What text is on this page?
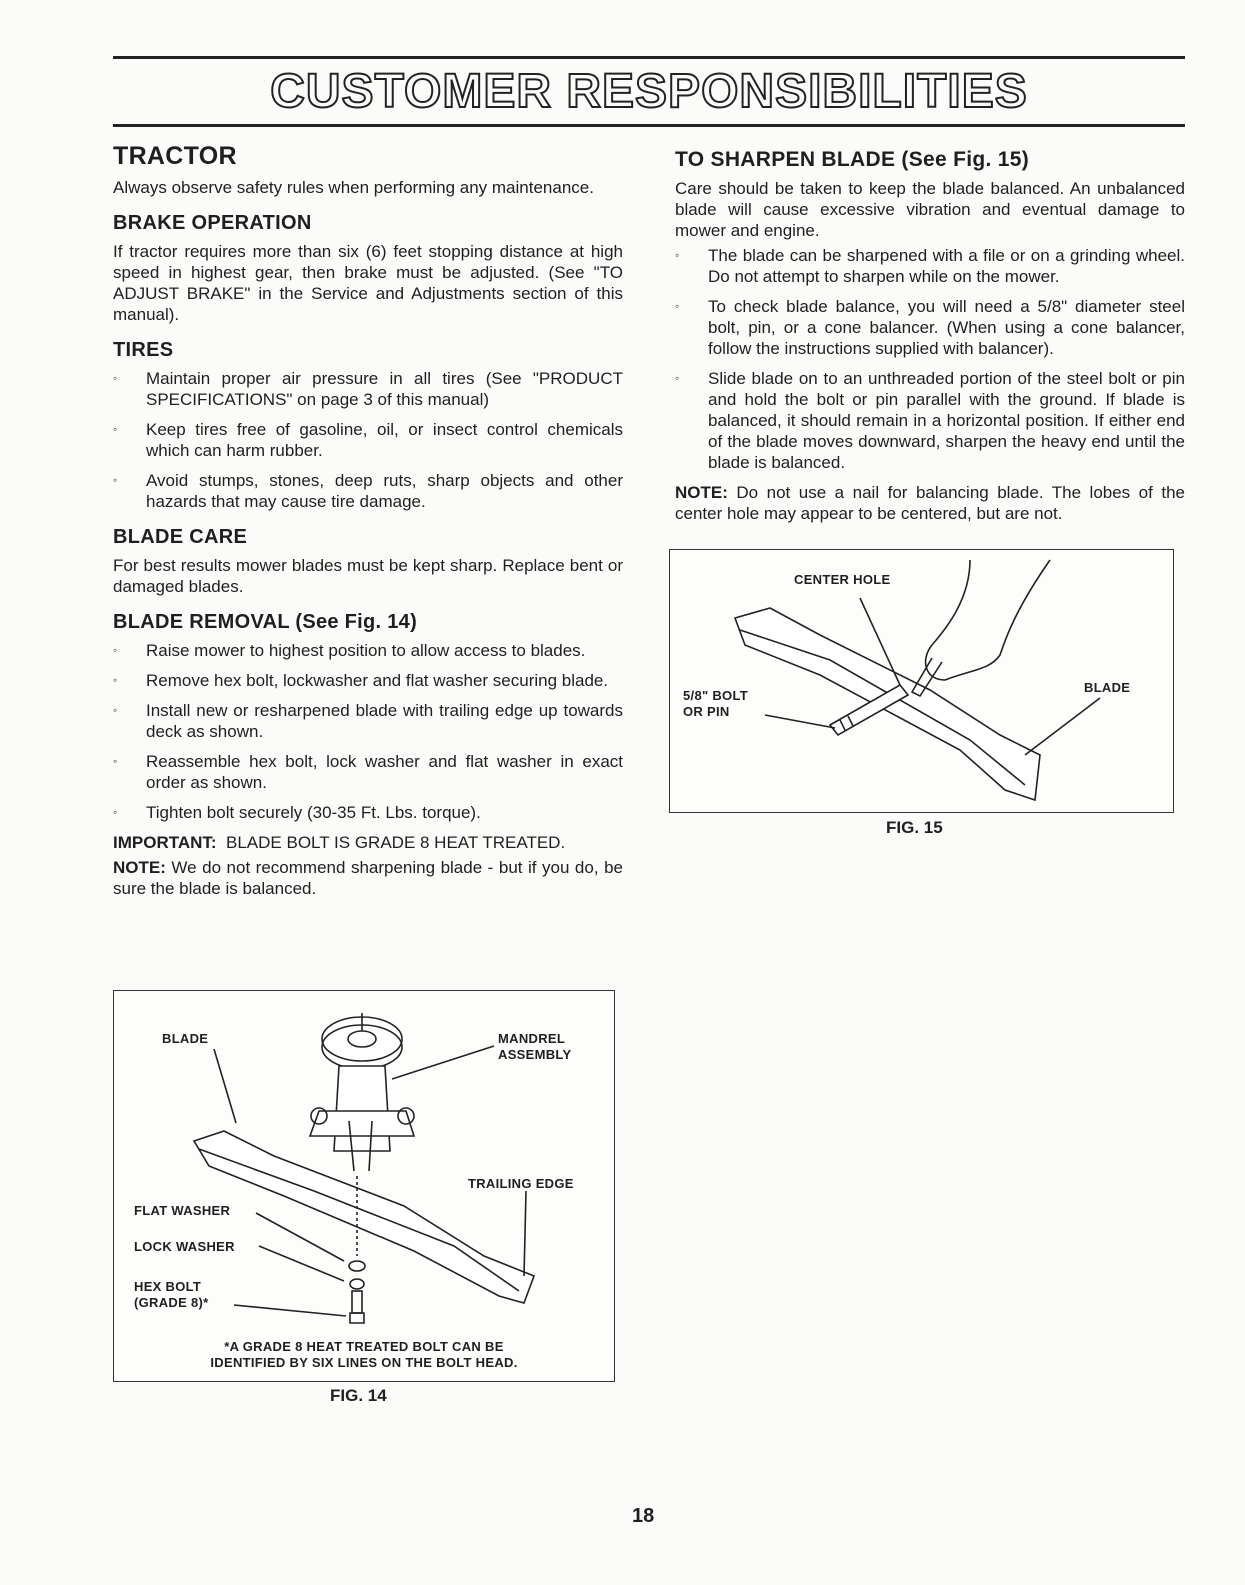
CUSTOMER RESPONSIBILITIES
TRACTOR

Always observe safety rules when performing any maintenance.

BRAKE OPERATION

If tractor requires more than six (6) feet stopping distance at high speed in highest gear, then brake must be adjusted. (See "TO ADJUST BRAKE" in the Service and Adjustments section of this manual).

TIRES
◦ Maintain proper air pressure in all tires (See "PRODUCT SPECIFICATIONS" on page 3 of this manual)
◦ Keep tires free of gasoline, oil, or insect control chemicals which can harm rubber.
◦ Avoid stumps, stones, deep ruts, sharp objects and other hazards that may cause tire damage.
BLADE CARE

For best results mower blades must be kept sharp. Replace bent or damaged blades.

BLADE REMOVAL (See Fig. 14)
◦ Raise mower to highest position to allow access to blades.
◦ Remove hex bolt, lockwasher and flat washer securing blade.
◦ Install new or resharpened blade with trailing edge up towards deck as shown.
◦ Reassemble hex bolt, lock washer and flat washer in exact order as shown.
◦ Tighten bolt securely (30-35 Ft. Lbs. torque).

IMPORTANT: BLADE BOLT IS GRADE 8 HEAT TREATED.

NOTE: We do not recommend sharpening blade - but if you do, be sure the blade is balanced.

TO SHARPEN BLADE (See Fig. 15)

Care should be taken to keep the blade balanced. An unbalanced blade will cause excessive vibration and eventual damage to mower and engine.

◦ The blade can be sharpened with a file or on a grinding wheel. Do not attempt to sharpen while on the mower.
◦ To check blade balance, you will need a 5/8" diameter steel bolt, pin, or a cone balancer. (When using a cone balancer, follow the instructions supplied with balancer).
◦ Slide blade on to an unthreaded portion of the steel bolt or pin and hold the bolt or pin parallel with the ground. If blade is balanced, it should remain in a horizontal position. If either end of the blade moves downward, sharpen the heavy end until the blade is balanced.

NOTE: Do not use a nail for balancing blade. The lobes of the center hole may appear to be centered, but are not.

BLADE	MANDREL
ASSEMBLY
TRAILING EDGE
FLAT WASHER
LOCK WASHER
HEX BOLT
(GRADE 8)*
*A GRADE 8 HEAT TREATED BOLT CAN BE
IDENTIFIED BY SIX LINES ON THE BOLT HEAD.
FIG. 14
CENTER HOLE
5/8" BOLT
OR PIN
BLADE
FIG. 15
18
